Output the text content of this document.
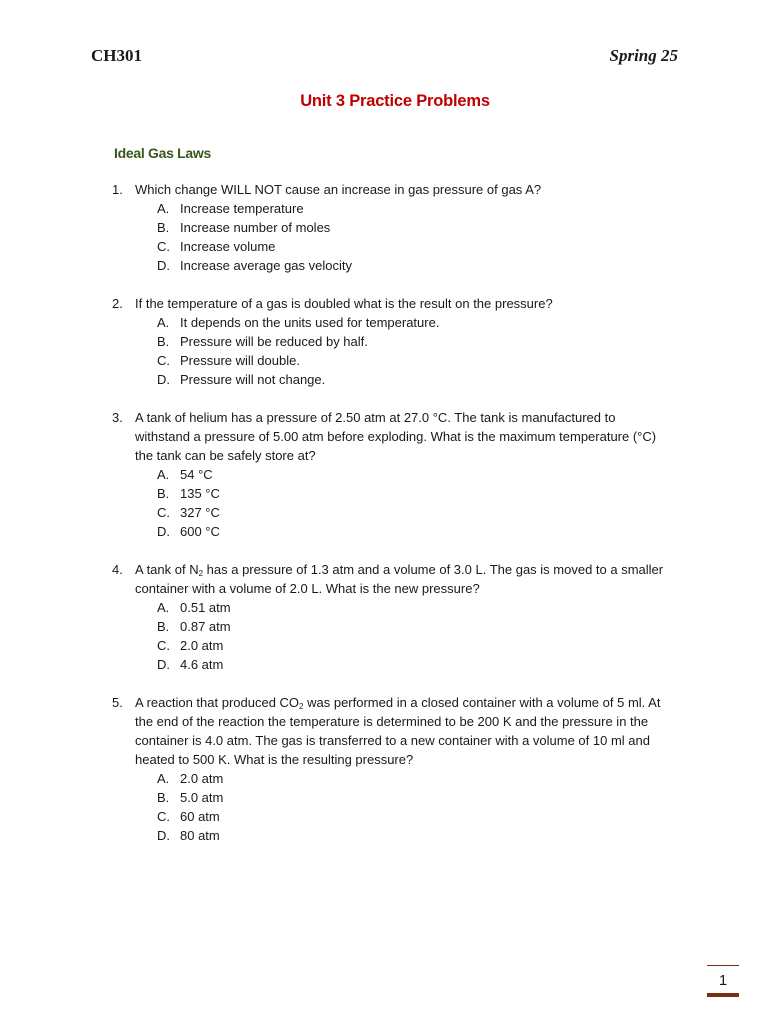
CH301	Spring 25
Unit 3 Practice Problems
Ideal Gas Laws
1. Which change WILL NOT cause an increase in gas pressure of gas A?
A. Increase temperature
B. Increase number of moles
C. Increase volume
D. Increase average gas velocity
2. If the temperature of a gas is doubled what is the result on the pressure?
A. It depends on the units used for temperature.
B. Pressure will be reduced by half.
C. Pressure will double.
D. Pressure will not change.
3. A tank of helium has a pressure of 2.50 atm at 27.0 °C. The tank is manufactured to withstand a pressure of 5.00 atm before exploding. What is the maximum temperature (°C) the tank can be safely store at?
A. 54 °C
B. 135 °C
C. 327 °C
D. 600 °C
4. A tank of $N_2$ has a pressure of 1.3 atm and a volume of 3.0 L. The gas is moved to a smaller container with a volume of 2.0 L. What is the new pressure?
A. 0.51 atm
B. 0.87 atm
C. 2.0 atm
D. 4.6 atm
5. A reaction that produced $CO_2$ was performed in a closed container with a volume of 5 ml. At the end of the reaction the temperature is determined to be 200 K and the pressure in the container is 4.0 atm. The gas is transferred to a new container with a volume of 10 ml and heated to 500 K. What is the resulting pressure?
A. 2.0 atm
B. 5.0 atm
C. 60 atm
D. 80 atm
1
